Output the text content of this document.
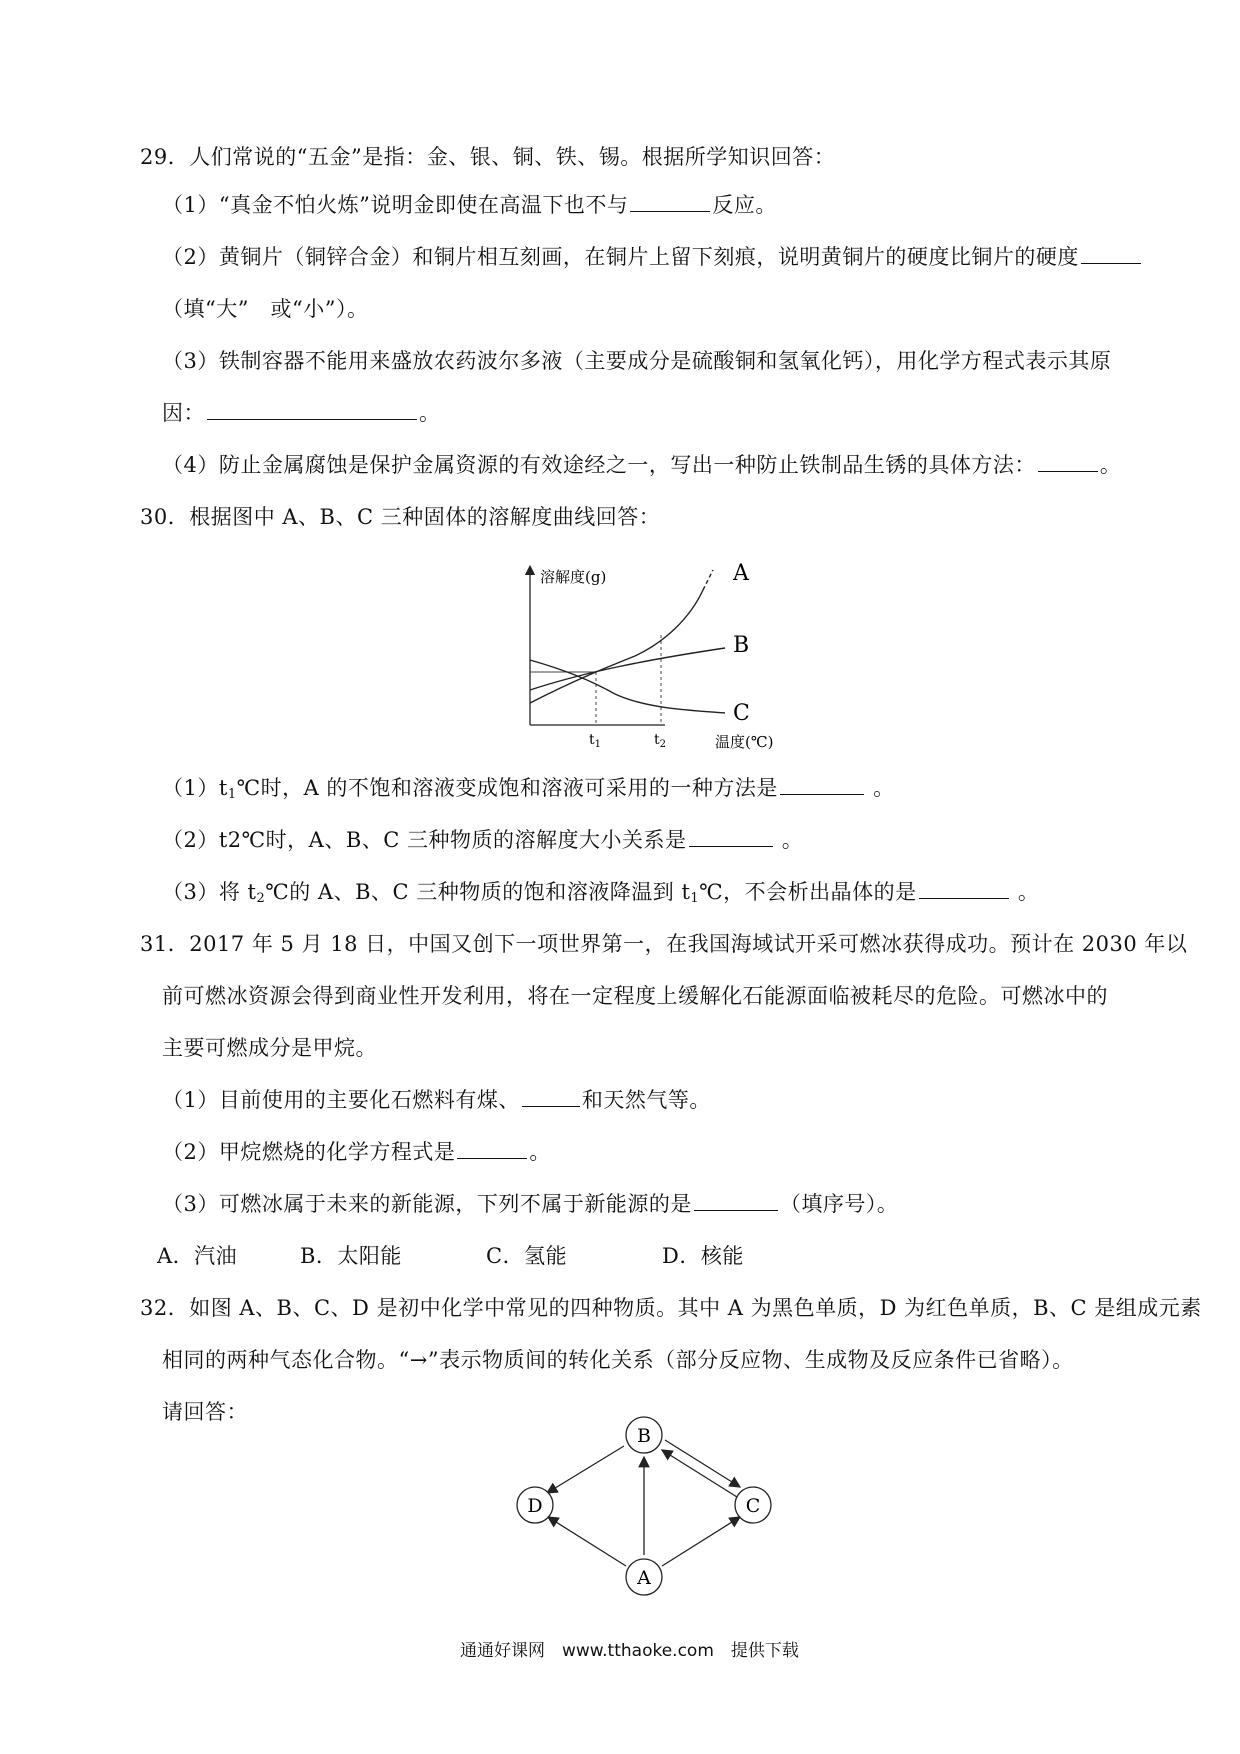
29．人们常说的“五金”是指：金、银、铜、铁、锡。根据所学知识回答：
（1）“真金不怕火炼”说明金即使在高温下也不与	反应。
（2）黄铜片（铜锌合金）和铜片相互刻画，在铜片上留下刻痕，说明黄铜片的硬度比铜片的硬度
（填“大”　或“小”）。
（3）铁制容器不能用来盛放农药波尔多液（主要成分是硫酸铜和氢氧化钙），用化学方程式表示其原
因：	。
（4）防止金属腐蚀是保护金属资源的有效途经之一，写出一种防止铁制品生锈的具体方法：	。
30．根据图中 A、B、C 三种固体的溶解度曲线回答：
溶解度(g)	A
B
C
$t_1$	$t_2$	温度(℃)
$(1)t_1℃$时，A 的不饱和溶液变成饱和溶液可采用的一种方法是	。
（2）t2℃时，A、B、C 三种物质的溶解度大小关系是	。
（3）将 $t_2℃$的 A、B、C 三种物质的饱和溶液降温到 $t_1℃$，不会析出晶体的是	。
31．2017 年 5 月 18 日，中国又创下一项世界第一，在我国海域试开采可燃冰获得成功。预计在 2030 年以
前可燃冰资源会得到商业性开发利用，将在一定程度上缓解化石能源面临被耗尽的危险。可燃冰中的
主要可燃成分是甲烷。
（1）目前使用的主要化石燃料有煤、	和天然气等。
（2）甲烷燃烧的化学方程式是	。
（3）可燃冰属于未来的新能源，下列不属于新能源的是	（填序号）。
A．汽油	B．太阳能	C．氢能	D．核能
32．如图 A、B、C、D 是初中化学中常见的四种物质。其中 A 为黑色单质，D 为红色单质，B、C 是组成元素
相同的两种气态化合物。“→”表示物质间的转化关系（部分反应物、生成物及反应条件已省略）。
请回答：
B
D	C
A
通通好课网　www.tthaoke.com　提供下载
